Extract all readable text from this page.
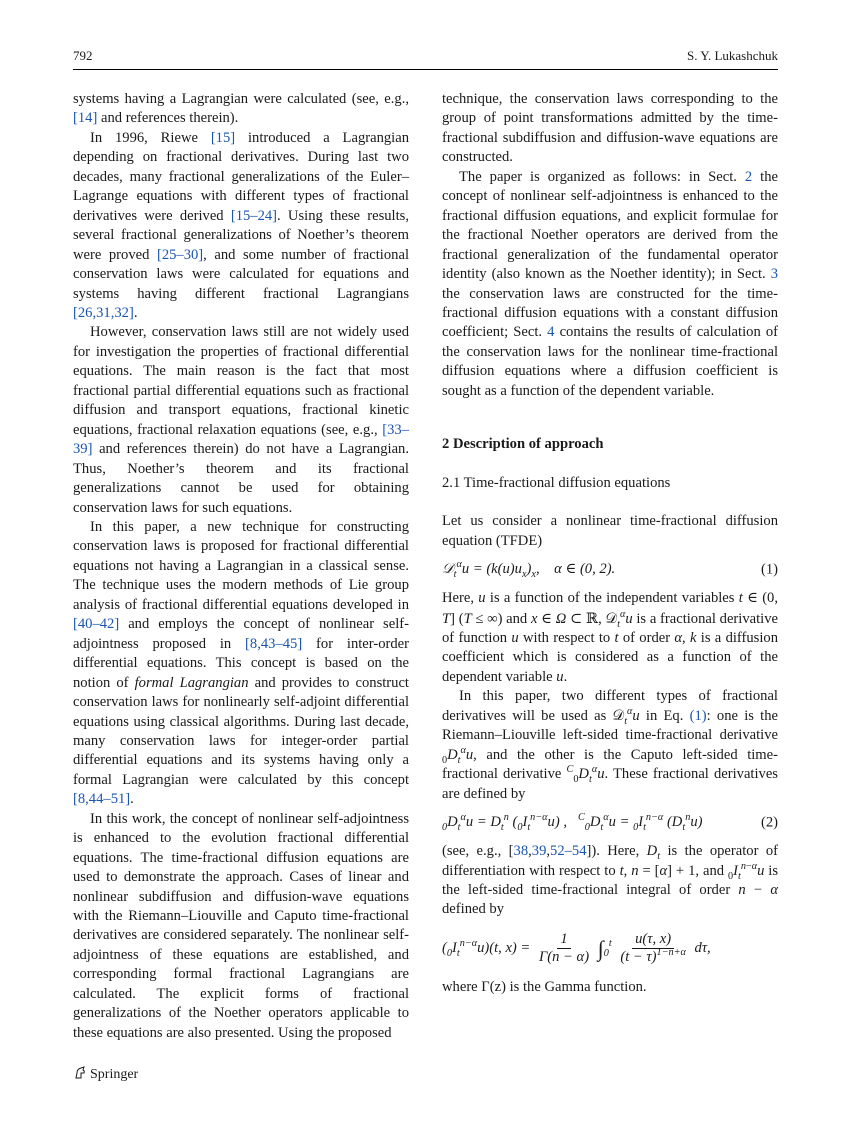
792	S. Y. Lukashchuk

systems having a Lagrangian were calculated (see, e.g., [14] and references therein).

In 1996, Riewe [15] introduced a Lagrangian depending on fractional derivatives. During last two decades, many fractional generalizations of the Euler–Lagrange equations with different types of fractional derivatives were derived [15–24]. Using these results, several fractional generalizations of Noether’s theorem were proved [25–30], and some number of fractional conservation laws were calculated for equations and systems having different fractional Lagrangians [26,31,32].

However, conservation laws still are not widely used for investigation the properties of fractional differential equations. The main reason is the fact that most fractional partial differential equations such as fractional diffusion and transport equations, fractional kinetic equations, fractional relaxation equations (see, e.g., [33–39] and references therein) do not have a Lagrangian. Thus, Noether’s theorem and its fractional generalizations cannot be used for obtaining conservation laws for such equations.

In this paper, a new technique for constructing conservation laws is proposed for fractional differential equations not having a Lagrangian in a classical sense. The technique uses the modern methods of Lie group analysis of fractional differential equations developed in [40–42] and employs the concept of nonlinear self-adjointness proposed in [8,43–45] for inter-order differential equations. This concept is based on the notion of formal Lagrangian and provides to construct conservation laws for nonlinearly self-adjoint differential equations using classical algorithms. During last decade, many conservation laws for integer-order partial differential equations and its systems having only a formal Lagrangian were calculated by this concept [8,44–51].

In this work, the concept of nonlinear self-adjointness is enhanced to the evolution fractional differential equations. The time-fractional diffusion equations are used to demonstrate the approach. Cases of linear and nonlinear subdiffusion and diffusion-wave equations with the Riemann–Liouville and Caputo time-fractional derivatives are considered separately. The nonlinear self-adjointness of these equations are established, and corresponding formal fractional Lagrangians are calculated. The explicit forms of fractional generalizations of the Noether operators applicable to these equations are also presented. Using the proposed

technique, the conservation laws corresponding to the group of point transformations admitted by the time-fractional subdiffusion and diffusion-wave equations are constructed.

The paper is organized as follows: in Sect. 2 the concept of nonlinear self-adjointness is enhanced to the fractional diffusion equations, and explicit formulae for the fractional Noether operators are derived from the fractional generalization of the fundamental operator identity (also known as the Noether identity); in Sect. 3 the conservation laws are constructed for the time-fractional diffusion equations with a constant diffusion coefficient; Sect. 4 contains the results of calculation of the conservation laws for the nonlinear time-fractional diffusion equations where a diffusion coefficient is sought as a function of the dependent variable.

2 Description of approach

2.1 Time-fractional diffusion equations

Let us consider a nonlinear time-fractional diffusion equation (TFDE)

𝒟$_t^\alpha$u = $(k(u)u_x)_x$,    α ∈ (0, 2).	(1)

Here, u is a function of the independent variables t ∈ (0, T] (T ≤ ∞) and x ∈ Ω ⊂ ℝ, 𝒟$_t^\alpha$u is a fractional derivative of function u with respect to t of order α, k is a diffusion coefficient which is considered as a function of the dependent variable u.

In this paper, two different types of fractional derivatives will be used as 𝒟$_t^\alpha$u in Eq. (1): one is the Riemann–Liouville left-sided time-fractional derivative $_0D_t^\alpha u$, and the other is the Caputo left-sided time-fractional derivative $^C_0D_t^\alpha u$. These fractional derivatives are defined by

$_0D_t^\alpha u = D_t^n$ $(_0I_t^{n-\alpha}u)$ ,   $^C_0D_t^\alpha u = _0I_t^{n-\alpha}$ $(D_t^nu)$	(2)

(see, e.g., [38,39,52–54]). Here, $D_t$ is the operator of differentiation with respect to t, n = [α] + 1, and $_0I_t^{n-\alpha}u$ is the left-sided time-fractional integral of order n − α defined by

$(_0I_t^{n-\alpha}u)(t$, $x) = \frac{1}{\Gamma(n - \alpha)} \int_0^t \frac{u(\tau, x)}{(t - \tau)^{1-n+\alpha}} d\tau$,

where Γ(z) is the Gamma function.

Springer
